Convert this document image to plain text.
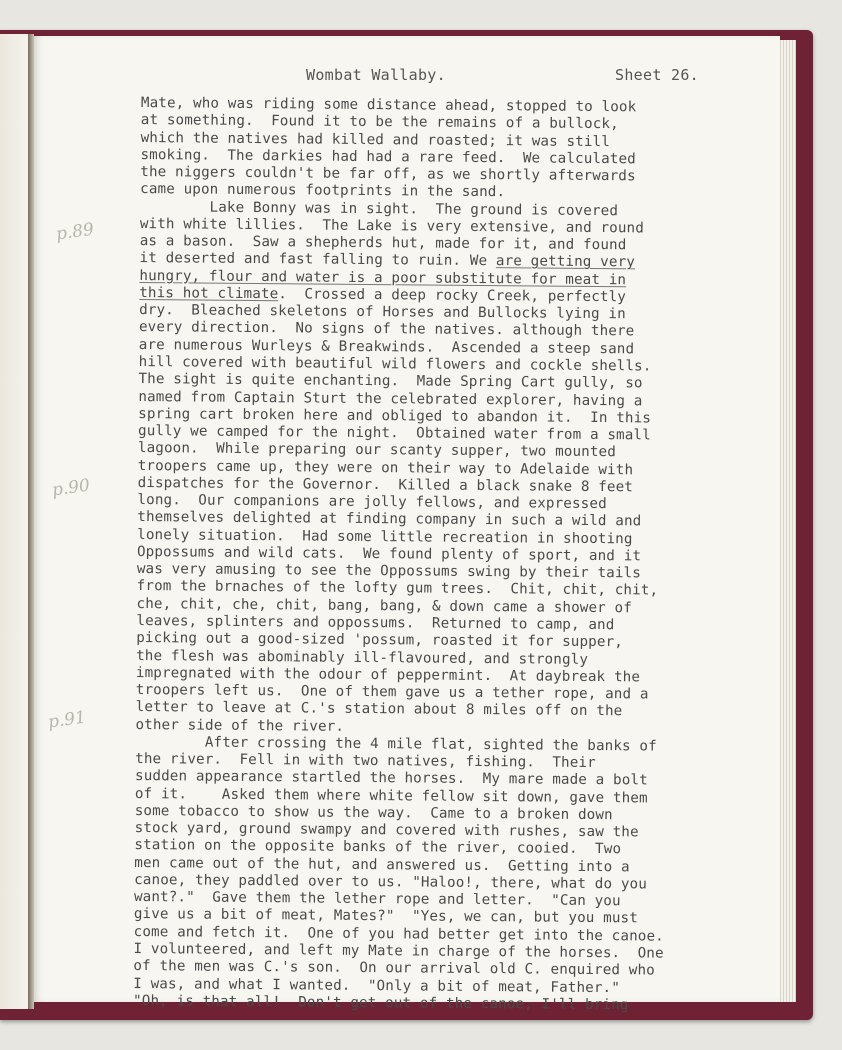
Wombat Wallaby.	Sheet 26.
p.89
p.90
p.91
Mate, who was riding some distance ahead, stopped to look
at something.  Found it to be the remains of a bullock,
which the natives had killed and roasted; it was still
smoking.  The darkies had had a rare feed.  We calculated
the niggers couldn't be far off, as we shortly afterwards
came upon numerous footprints in the sand.
Lake Bonny was in sight.  The ground is covered
with white lillies.  The Lake is very extensive, and round
as a bason.  Saw a shepherds hut, made for it, and found
it deserted and fast falling to ruin. We are getting very
hungry, flour and water is a poor substitute for meat in
this hot climate.  Crossed a deep rocky Creek, perfectly
dry.  Bleached skeletons of Horses and Bullocks lying in
every direction.  No signs of the natives. although there
are numerous Wurleys & Breakwinds.  Ascended a steep sand
hill covered with beautiful wild flowers and cockle shells.
The sight is quite enchanting.  Made Spring Cart gully, so
named from Captain Sturt the celebrated explorer, having a
spring cart broken here and obliged to abandon it.  In this
gully we camped for the night.  Obtained water from a small
lagoon.  While preparing our scanty supper, two mounted
troopers came up, they were on their way to Adelaide with
dispatches for the Governor.  Killed a black snake 8 feet
long.  Our companions are jolly fellows, and expressed
themselves delighted at finding company in such a wild and
lonely situation.  Had some little recreation in shooting
Oppossums and wild cats.  We found plenty of sport, and it
was very amusing to see the Oppossums swing by their tails
from the brnaches of the lofty gum trees.  Chit, chit, chit,
che, chit, che, chit, bang, bang, & down came a shower of
leaves, splinters and oppossums.  Returned to camp, and
picking out a good-sized 'possum, roasted it for supper,
the flesh was abominably ill-flavoured, and strongly
impregnated with the odour of peppermint.  At daybreak the
troopers left us.  One of them gave us a tether rope, and a
letter to leave at C.'s station about 8 miles off on the
other side of the river.
After crossing the 4 mile flat, sighted the banks of
the river.  Fell in with two natives, fishing.  Their
sudden appearance startled the horses.  My mare made a bolt
of it.    Asked them where white fellow sit down, gave them
some tobacco to show us the way.  Came to a broken down
stock yard, ground swampy and covered with rushes, saw the
station on the opposite banks of the river, cooied.  Two
men came out of the hut, and answered us.  Getting into a
canoe, they paddled over to us. "Haloo!, there, what do you
want?."  Gave them the lether rope and letter.  "Can you
give us a bit of meat, Mates?"  "Yes, we can, but you must
come and fetch it.  One of you had better get into the canoe.
I volunteered, and left my Mate in charge of the horses.  One
of the men was C.'s son.  On our arrival old C. enquired who
I was, and what I wanted.  "Only a bit of meat, Father."
"Oh, is that all!  Don't get out of the canoe, I'll bring
